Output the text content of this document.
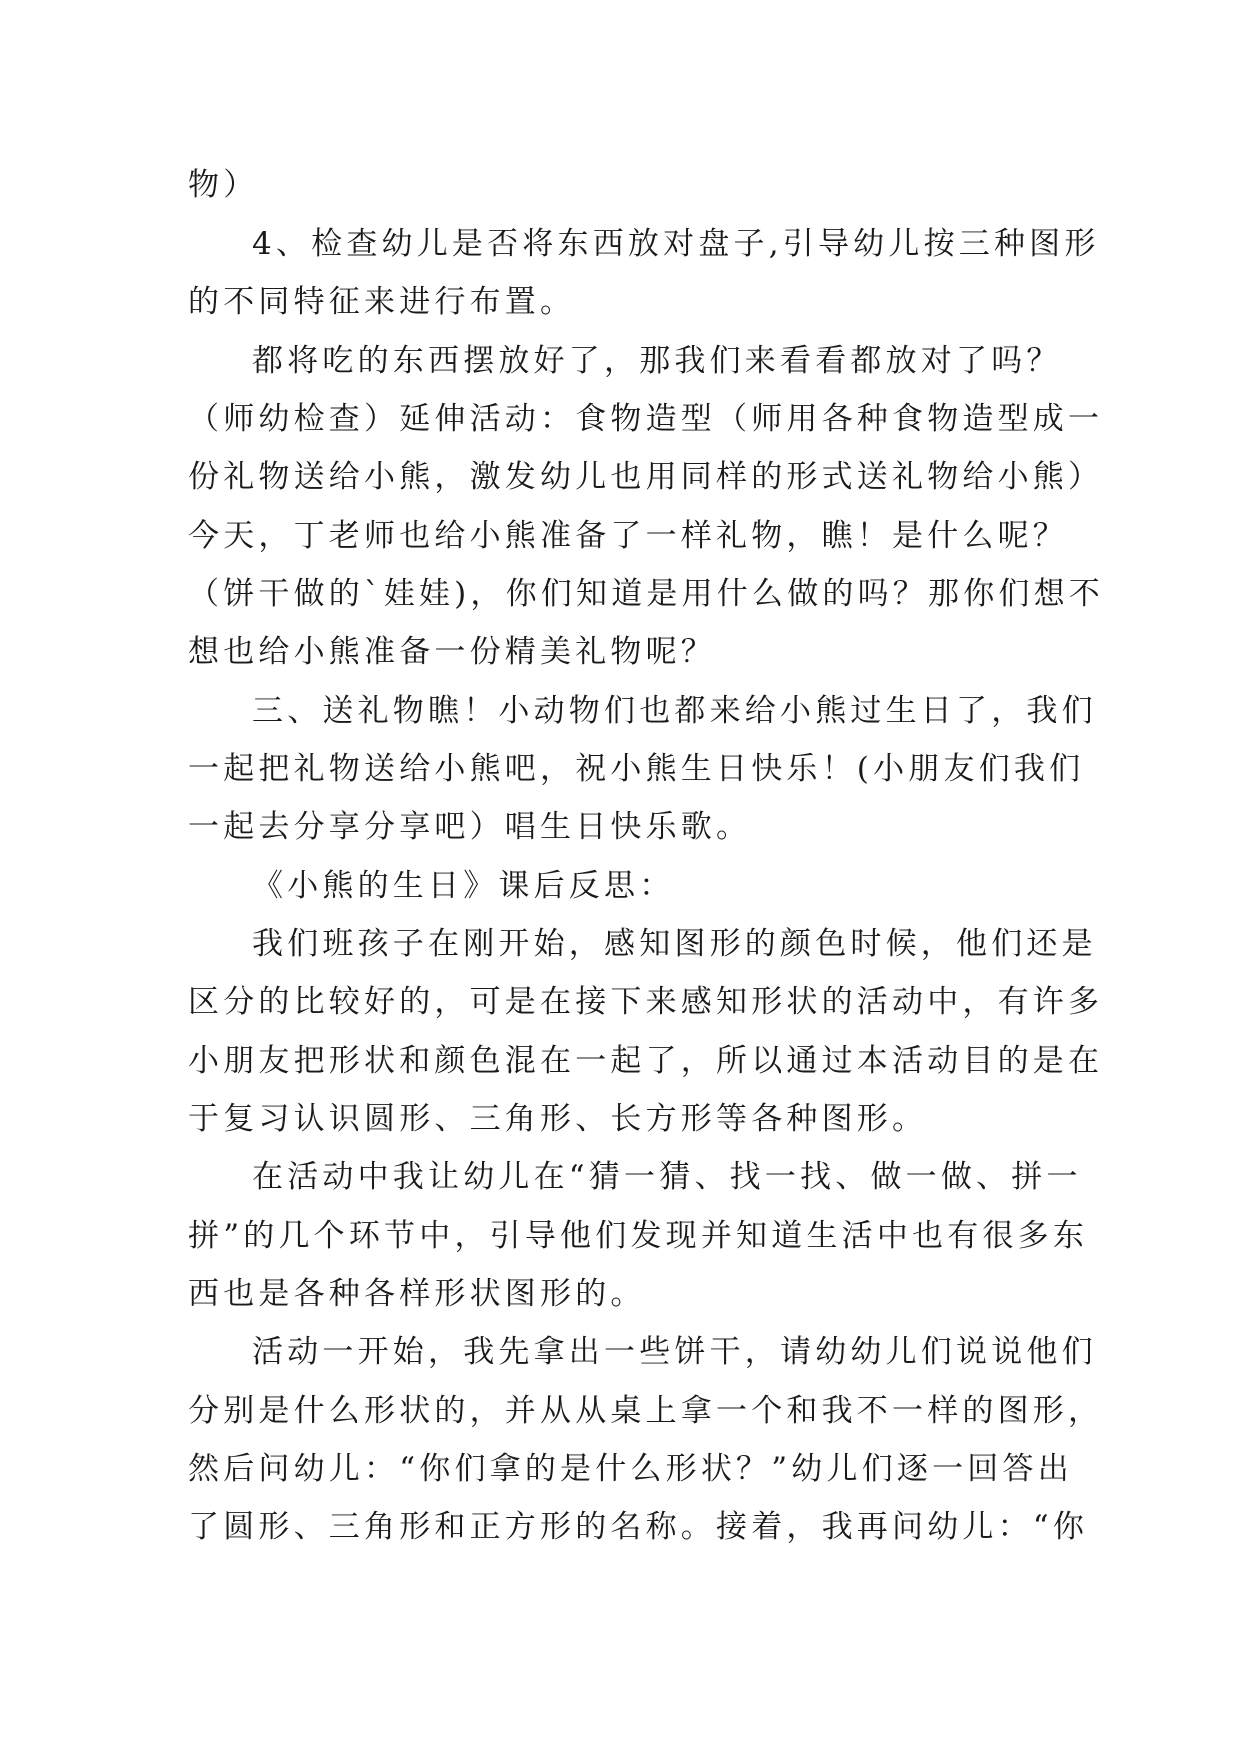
物）
4、检查幼儿是否将东西放对盘子,引导幼儿按三种图形
的不同特征来进行布置。
都将吃的东西摆放好了，那我们来看看都放对了吗？
（师幼检查）延伸活动：食物造型（师用各种食物造型成一
份礼物送给小熊，激发幼儿也用同样的形式送礼物给小熊）
今天，丁老师也给小熊准备了一样礼物，瞧！是什么呢？
（饼干做的`娃娃)，你们知道是用什么做的吗？那你们想不
想也给小熊准备一份精美礼物呢？
三、送礼物瞧！小动物们也都来给小熊过生日了，我们
一起把礼物送给小熊吧，祝小熊生日快乐！(小朋友们我们
一起去分享分享吧）唱生日快乐歌。
《小熊的生日》课后反思：
我们班孩子在刚开始，感知图形的颜色时候，他们还是
区分的比较好的，可是在接下来感知形状的活动中，有许多
小朋友把形状和颜色混在一起了，所以通过本活动目的是在
于复习认识圆形、三角形、长方形等各种图形。
在活动中我让幼儿在“猜一猜、找一找、做一做、拼一
拼”的几个环节中，引导他们发现并知道生活中也有很多东
西也是各种各样形状图形的。
活动一开始，我先拿出一些饼干，请幼幼儿们说说他们
分别是什么形状的，并从从桌上拿一个和我不一样的图形，
然后问幼儿：“你们拿的是什么形状？”幼儿们逐一回答出
了圆形、三角形和正方形的名称。接着，我再问幼儿：“你
